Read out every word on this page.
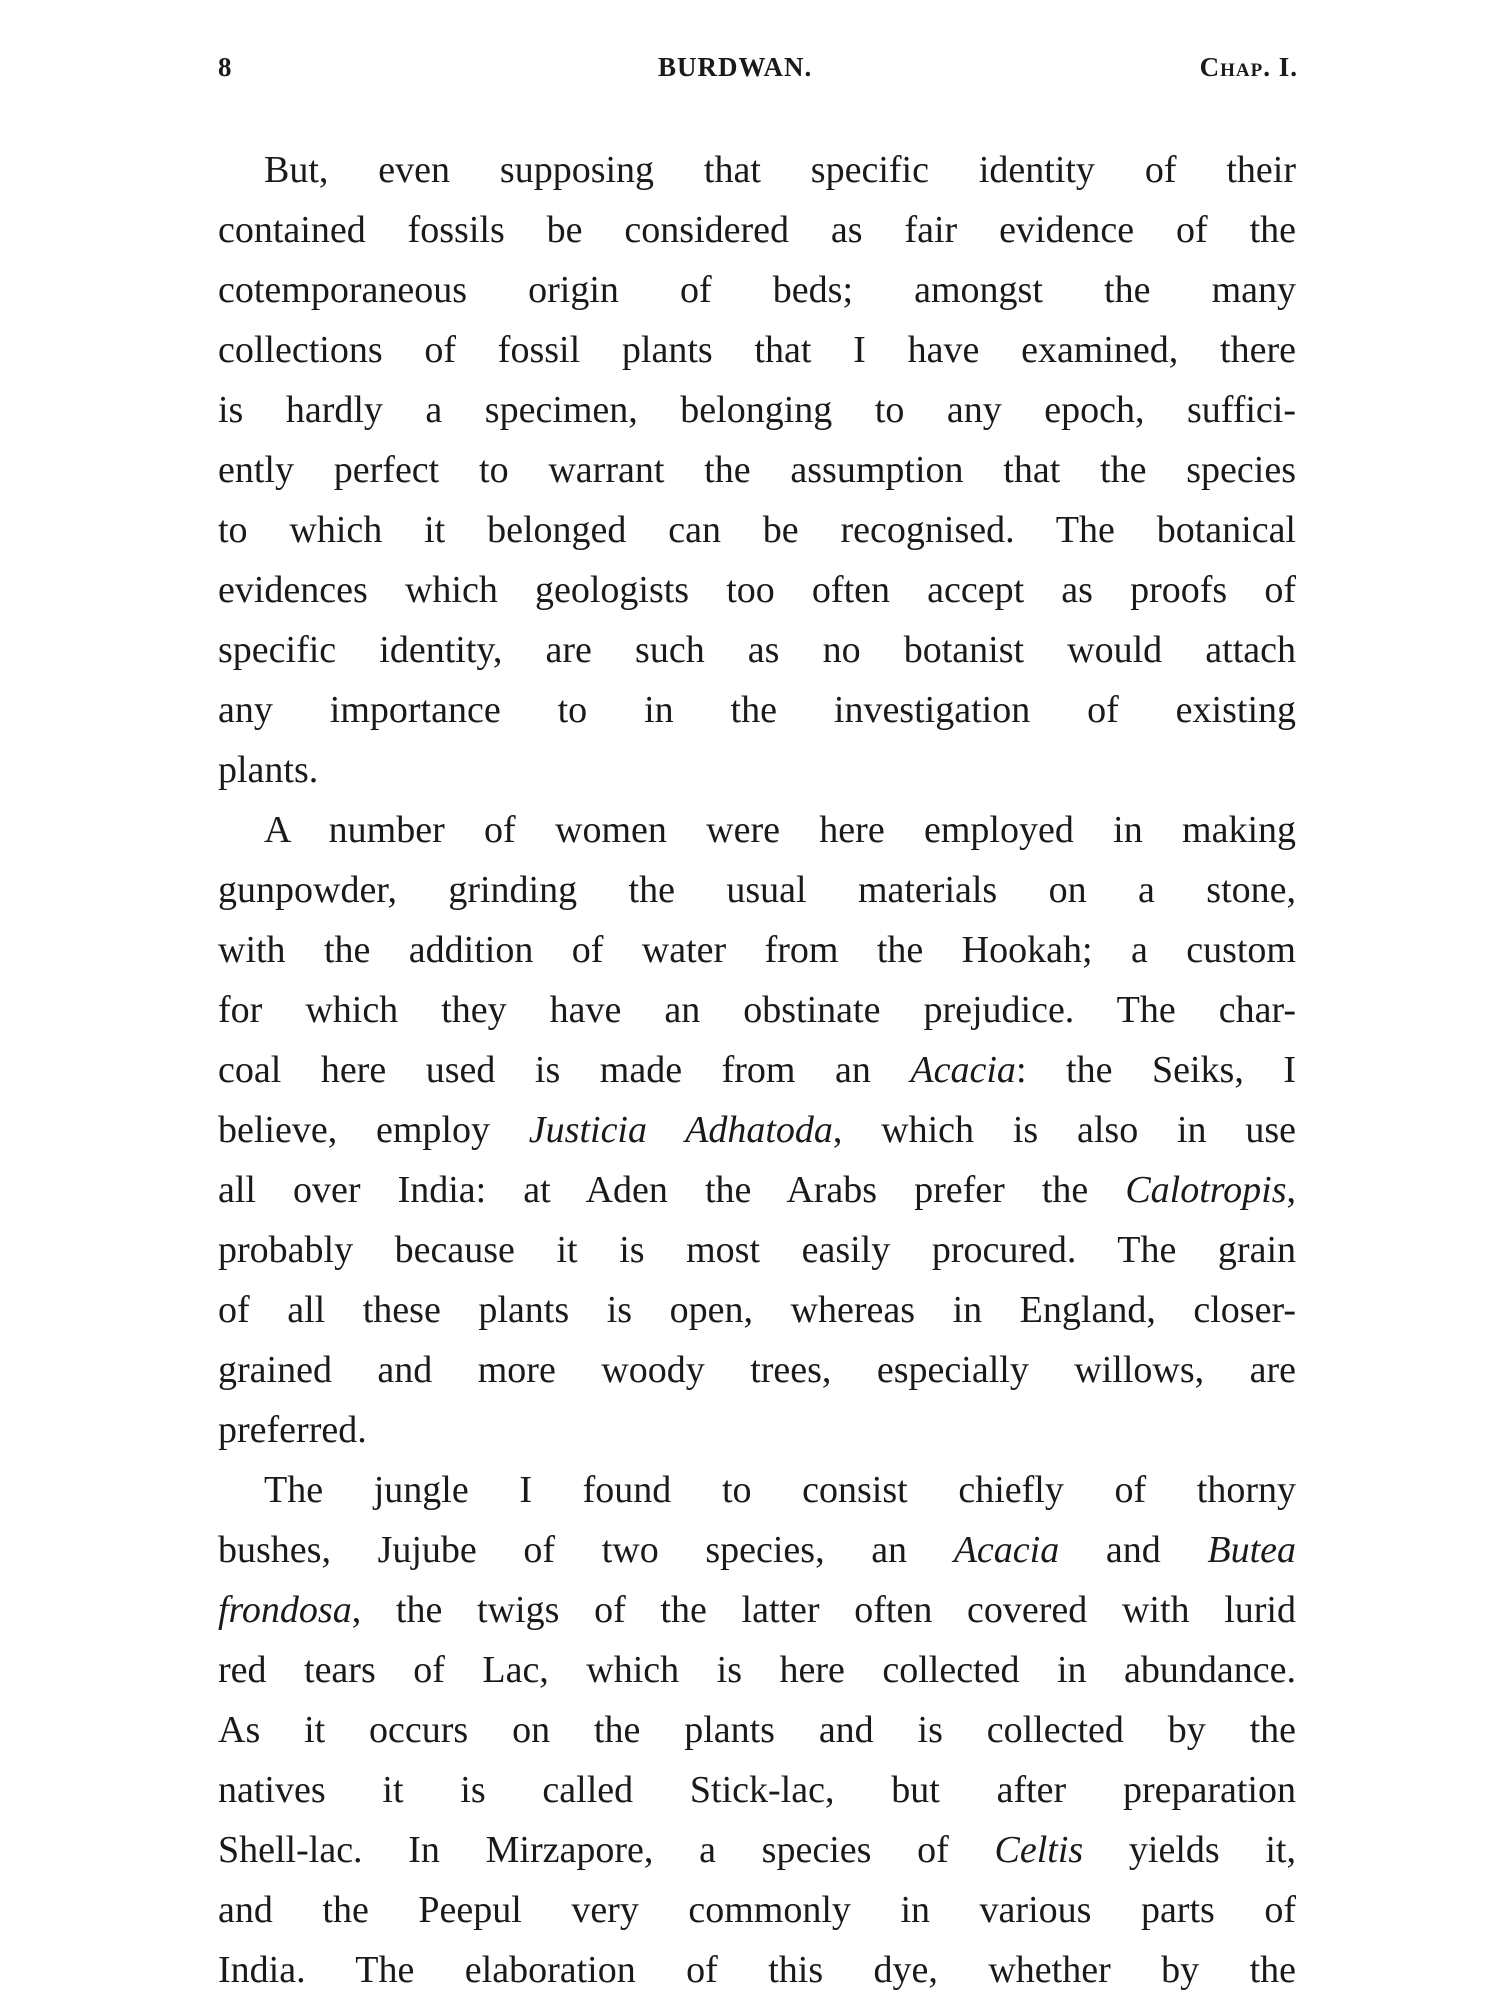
8	BURDWAN.	Chap. I.
But, even supposing that specific identity of their
contained fossils be considered as fair evidence of the
cotemporaneous origin of beds; amongst the many
collections of fossil plants that I have examined, there
is hardly a specimen, belonging to any epoch, suffici-
ently perfect to warrant the assumption that the species
to which it belonged can be recognised. The botanical
evidences which geologists too often accept as proofs of
specific identity, are such as no botanist would attach
any importance to in the investigation of existing
plants.
A number of women were here employed in making
gunpowder, grinding the usual materials on a stone,
with the addition of water from the Hookah; a custom
for which they have an obstinate prejudice. The char-
coal here used is made from an Acacia: the Seiks, I
believe, employ Justicia Adhatoda, which is also in use
all over India: at Aden the Arabs prefer the Calotropis,
probably because it is most easily procured. The grain
of all these plants is open, whereas in England, closer-
grained and more woody trees, especially willows, are
preferred.
The jungle I found to consist chiefly of thorny
bushes, Jujube of two species, an Acacia and Butea
frondosa, the twigs of the latter often covered with lurid
red tears of Lac, which is here collected in abundance.
As it occurs on the plants and is collected by the
natives it is called Stick-lac, but after preparation
Shell-lac. In Mirzapore, a species of Celtis yields it,
and the Peepul very commonly in various parts of
India. The elaboration of this dye, whether by the
